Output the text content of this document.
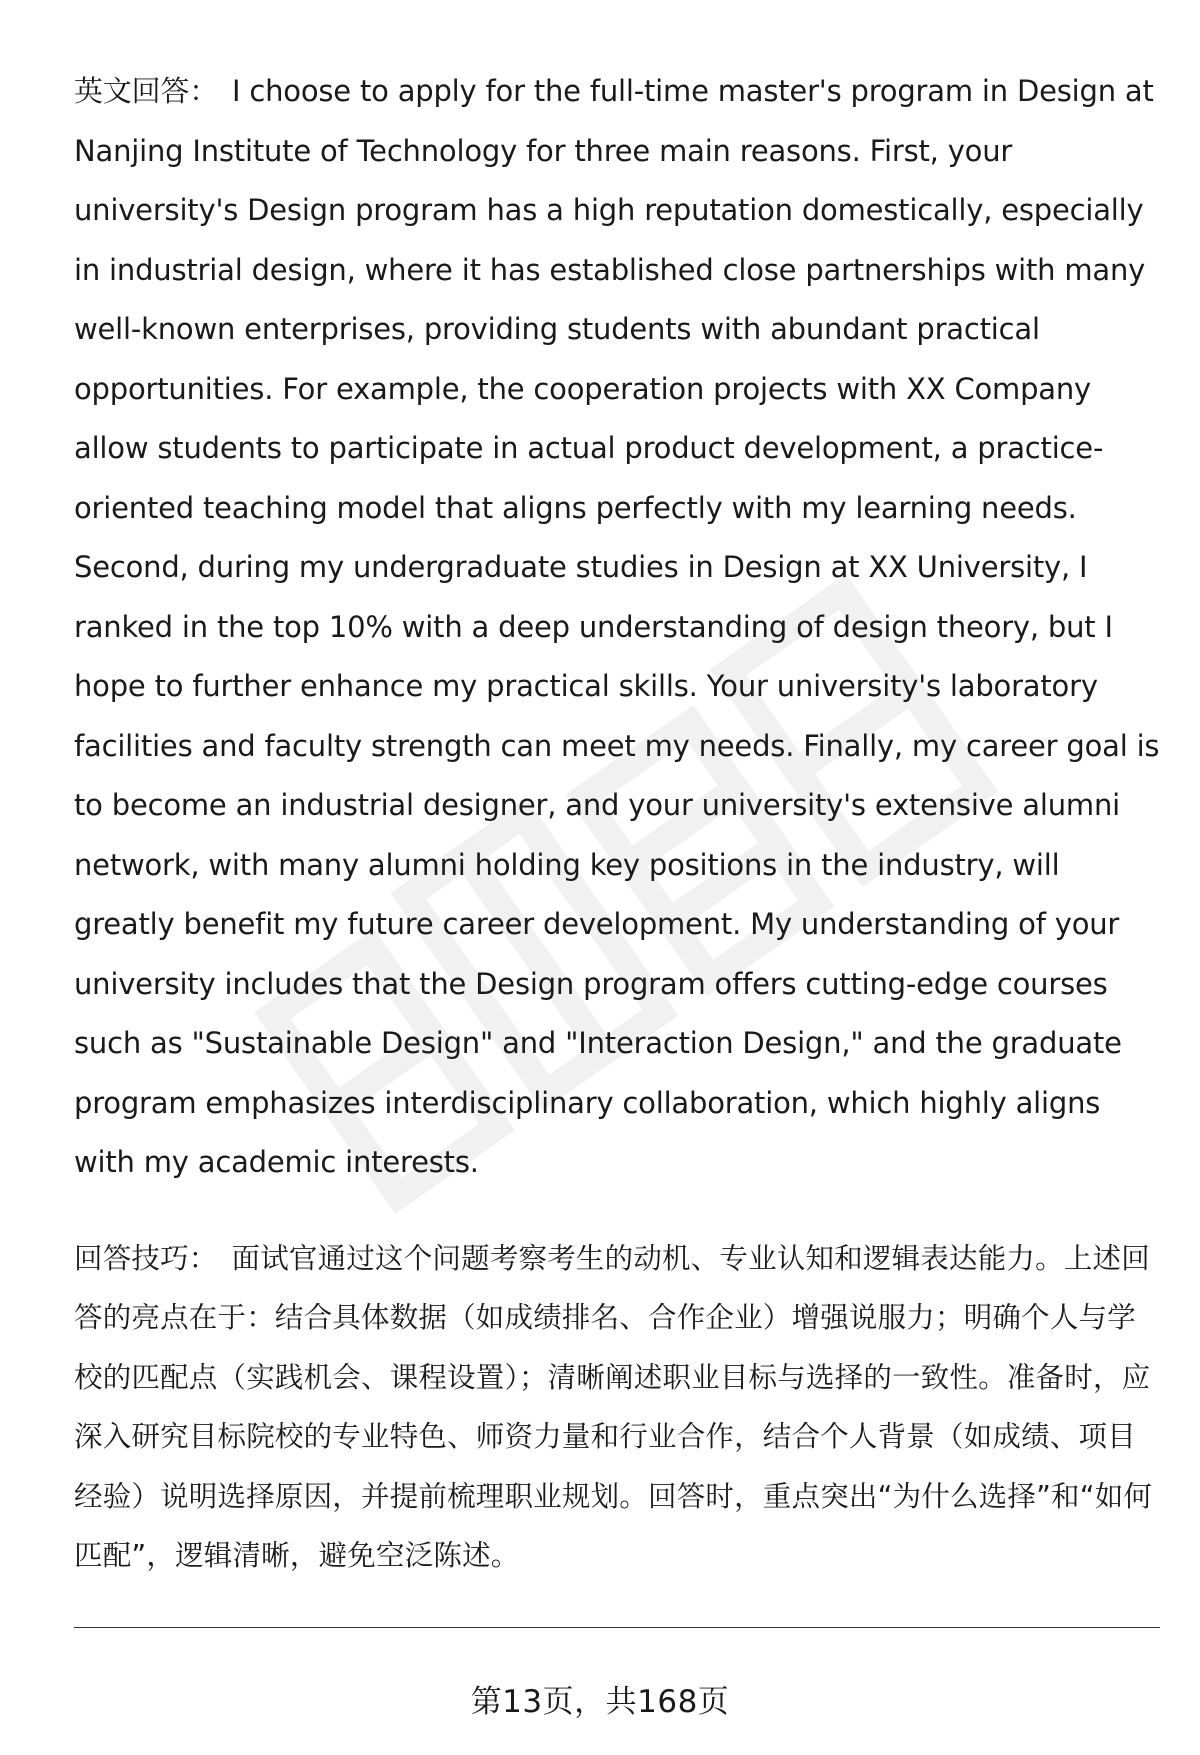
英文回答： I choose to apply for the full-time master's program in Design at Nanjing Institute of Technology for three main reasons. First, your university's Design program has a high reputation domestically, especially in industrial design, where it has established close partnerships with many well-known enterprises, providing students with abundant practical opportunities. For example, the cooperation projects with XX Company allow students to participate in actual product development, a practice-oriented teaching model that aligns perfectly with my learning needs. Second, during my undergraduate studies in Design at XX University, I ranked in the top 10% with a deep understanding of design theory, but I hope to further enhance my practical skills. Your university's laboratory facilities and faculty strength can meet my needs. Finally, my career goal is to become an industrial designer, and your university's extensive alumni network, with many alumni holding key positions in the industry, will greatly benefit my future career development. My understanding of your university includes that the Design program offers cutting-edge courses such as "Sustainable Design" and "Interaction Design," and the graduate program emphasizes interdisciplinary collaboration, which highly aligns with my academic interests.

回答技巧： 面试官通过这个问题考察考生的动机、专业认知和逻辑表达能力。上述回答的亮点在于：结合具体数据（如成绩排名、合作企业）增强说服力；明确个人与学校的匹配点（实践机会、课程设置）；清晰阐述职业目标与选择的一致性。准备时，应深入研究目标院校的专业特色、师资力量和行业合作，结合个人背景（如成绩、项目经验）说明选择原因，并提前梳理职业规划。回答时，重点突出“为什么选择”和“如何匹配”，逻辑清晰，避免空泛陈述。

第13页，共168页
